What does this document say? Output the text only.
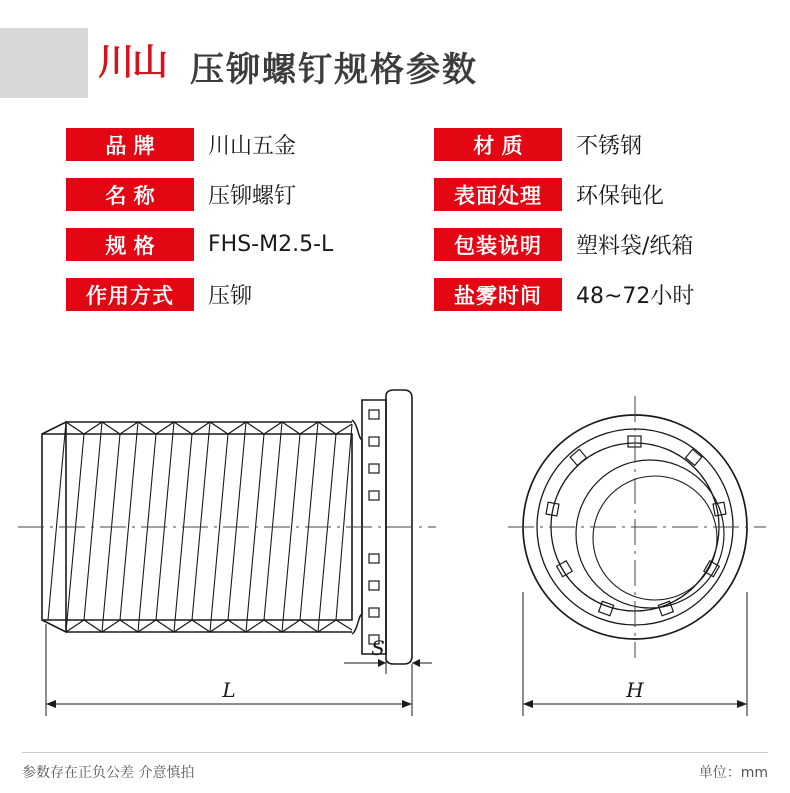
川山 压铆螺钉规格参数
品 牌	川山五金
名 称	压铆螺钉
规 格	FHS-M2.5-L
作用方式	压铆
材 质	不锈钢
表面处理	环保钝化
包装说明	塑料袋/纸箱
盐雾时间	48~72小时
S
L	H
参数存在正负公差 介意慎拍	单位：mm
